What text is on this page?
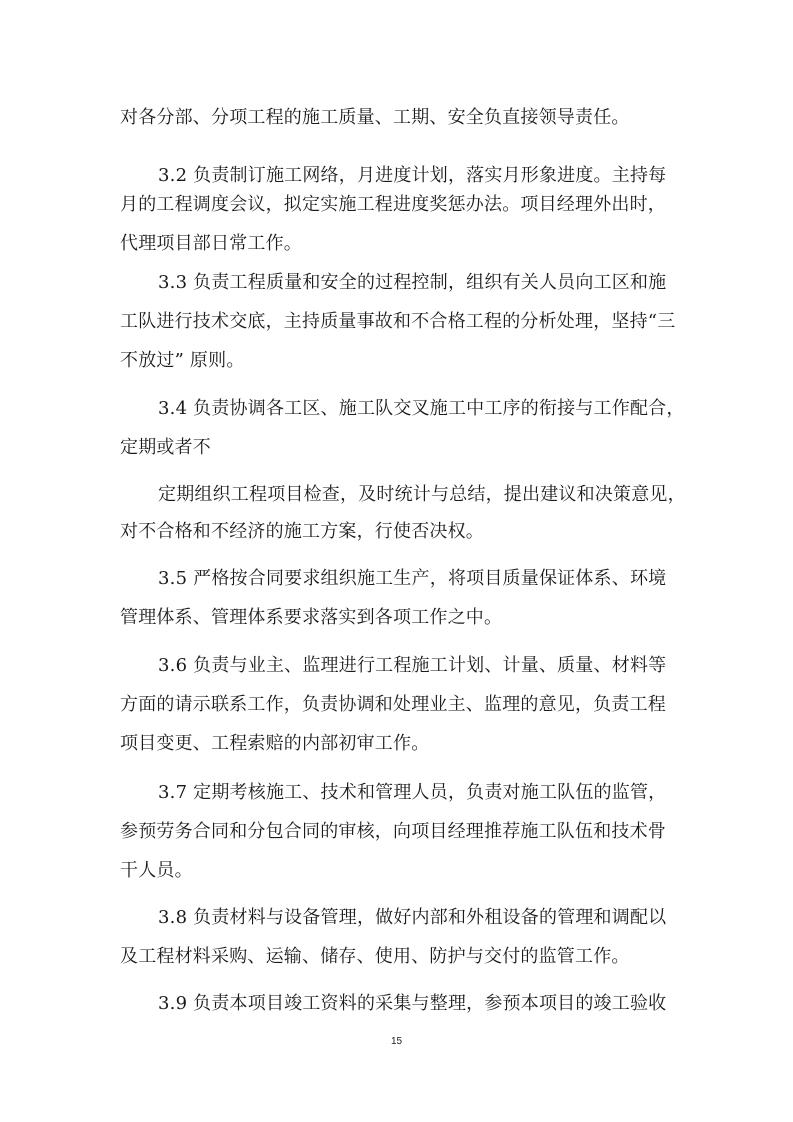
对各分部、分项工程的施工质量、工期、安全负直接领导责任。
3.2 负责制订施工网络，月进度计划，落实月形象进度。主持每
月的工程调度会议，拟定实施工程进度奖惩办法。项目经理外出时，
代理项目部日常工作。
3.3 负责工程质量和安全的过程控制，组织有关人员向工区和施
工队进行技术交底，主持质量事故和不合格工程的分析处理，坚持“三
不放过” 原则。
3.4 负责协调各工区、施工队交叉施工中工序的衔接与工作配合，
定期或者不
定期组织工程项目检查，及时统计与总结，提出建议和决策意见，
对不合格和不经济的施工方案，行使否决权。
3.5 严格按合同要求组织施工生产，将项目质量保证体系、环境
管理体系、管理体系要求落实到各项工作之中。
3.6 负责与业主、监理进行工程施工计划、计量、质量、材料等
方面的请示联系工作，负责协调和处理业主、监理的意见，负责工程
项目变更、工程索赔的内部初审工作。
3.7 定期考核施工、技术和管理人员，负责对施工队伍的监管，
参预劳务合同和分包合同的审核，向项目经理推荐施工队伍和技术骨
干人员。
3.8 负责材料与设备管理，做好内部和外租设备的管理和调配以
及工程材料采购、运输、储存、使用、防护与交付的监管工作。
3.9 负责本项目竣工资料的采集与整理，参预本项目的竣工验收
15
